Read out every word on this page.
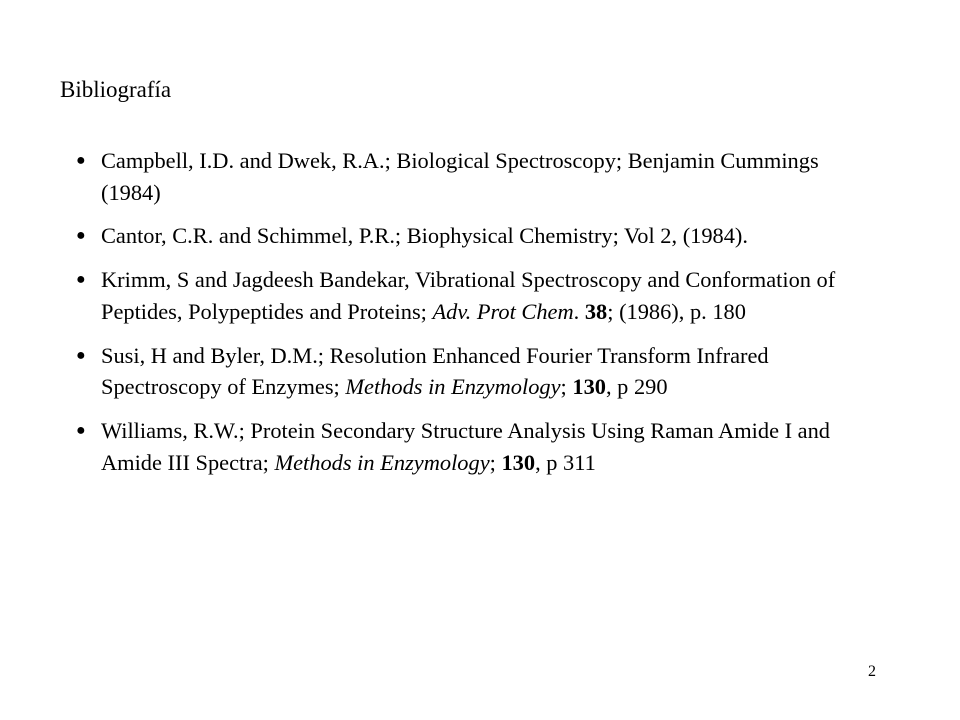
Bibliografía
● Campbell, I.D. and Dwek, R.A.; Biological Spectroscopy; Benjamin Cummings (1984)
● Cantor, C.R. and Schimmel, P.R.; Biophysical Chemistry; Vol 2, (1984).
● Krimm, S and Jagdeesh Bandekar, Vibrational Spectroscopy and Conformation of Peptides, Polypeptides and Proteins; Adv. Prot Chem. 38; (1986), p. 180
● Susi, H and Byler, D.M.; Resolution Enhanced Fourier Transform Infrared Spectroscopy of Enzymes; Methods in Enzymology; 130, p 290
● Williams, R.W.; Protein Secondary Structure Analysis Using Raman Amide I and Amide III Spectra; Methods in Enzymology; 130, p 311
2
